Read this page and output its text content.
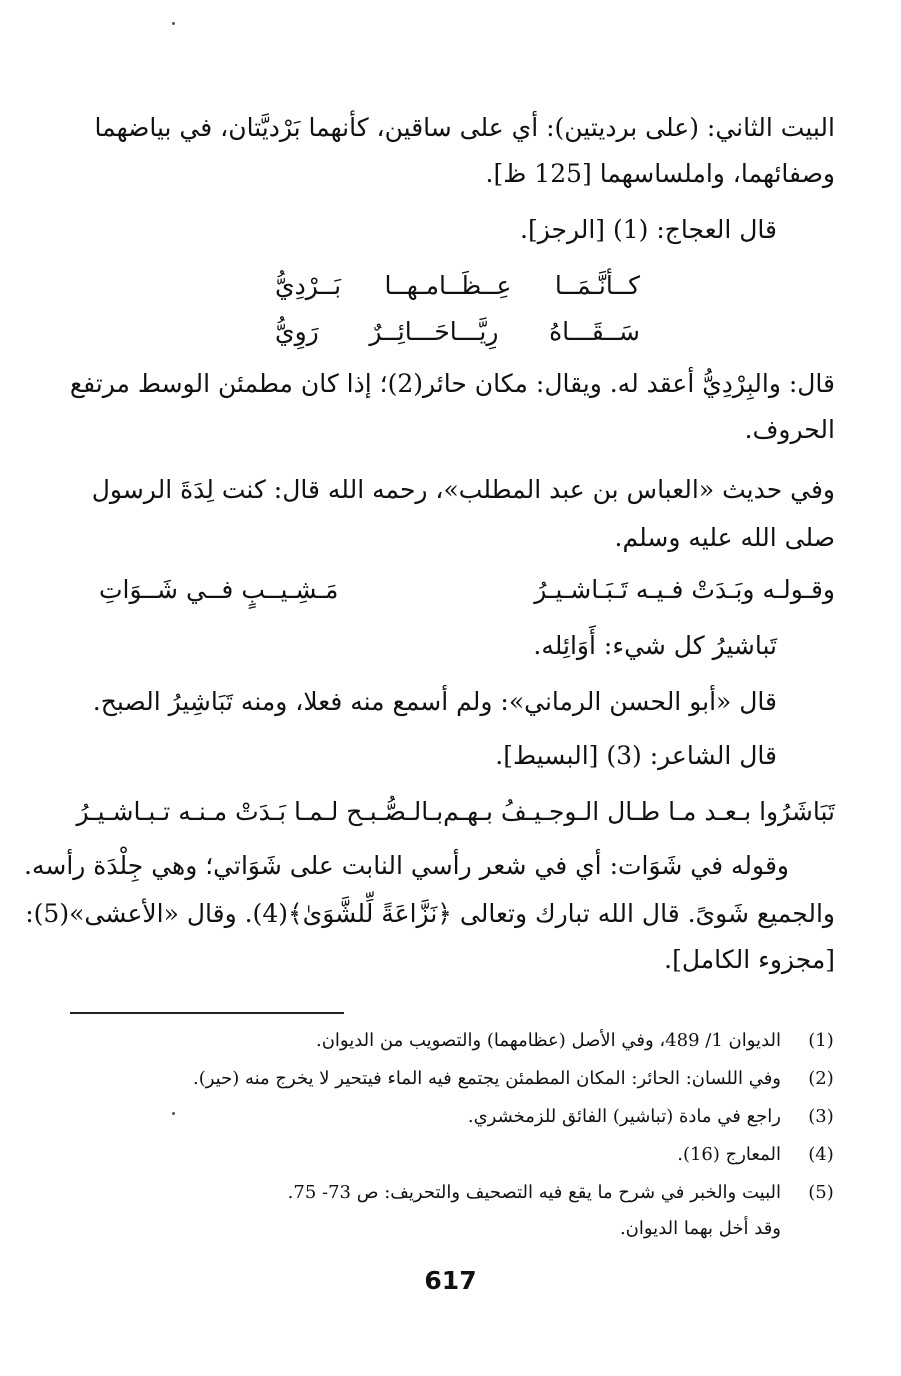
البيت الثاني: (على برديتين): أي على ساقين، كأنهما بَرْديَّتان، في بياضهما
وصفائهما، واملساسهما [125 ظ].
قال العجاج: (1) [الرجز].
كــأنَّـمَــا عِــظَــامـهــا بَــرْدِيُّ
سَــقَـــاهُ رِيَّـــاحَـــائِــرٌ رَوِيُّ
قال: والبِرْدِيُّ أعقد له. ويقال: مكان حائر(2)؛ إذا كان مطمئن الوسط مرتفع
الحروف.
وفي حديث «العباس بن عبد المطلب»، رحمه الله قال: كنت لِدَةَ الرسول
صلى الله عليه وسلم.
وقـولـه وبَـدَتْ فـيـه تَـبَـاشـيـرُ
مَـشِـيــبٍ فــي شَــوَاتِ
تَباشيرُ كل شيء: أَوَائِله.
قال «أبو الحسن الرماني»: ولم أسمع منه فعلا، ومنه تَبَاشِيرُ الصبح.
قال الشاعر: (3) [البسيط].
تَبَاشَرُوا بـعـد مـا طـال الـوجـيـفُ بـهـم
بـالـصُّـبـح لـمـا بَـدَتْ مـنـه تـبـاشـيـرُ
وقوله في شَوَات: أي في شعر رأسي النابت على شَوَاتي؛ وهي جِلْدَة رأسه.
والجميع شَوىً. قال الله تبارك وتعالى ﴿نَزَّاعَةً لِّلشَّوَىٰ﴾(4). وقال «الأعشى»(5):
[مجزوء الكامل].
(1)
الديوان 1/ 489، وفي الأصل (عظامهما) والتصويب من الديوان.
(2)
وفي اللسان: الحائر: المكان المطمئن يجتمع فيه الماء فيتحير لا يخرج منه (حير).
(3)
راجع في مادة (تباشير) الفائق للزمخشري.
(4)
المعارج (16).
(5)
البيت والخبر في شرح ما يقع فيه التصحيف والتحريف: ص 73- 75.
وقد أخل بهما الديوان.
617
